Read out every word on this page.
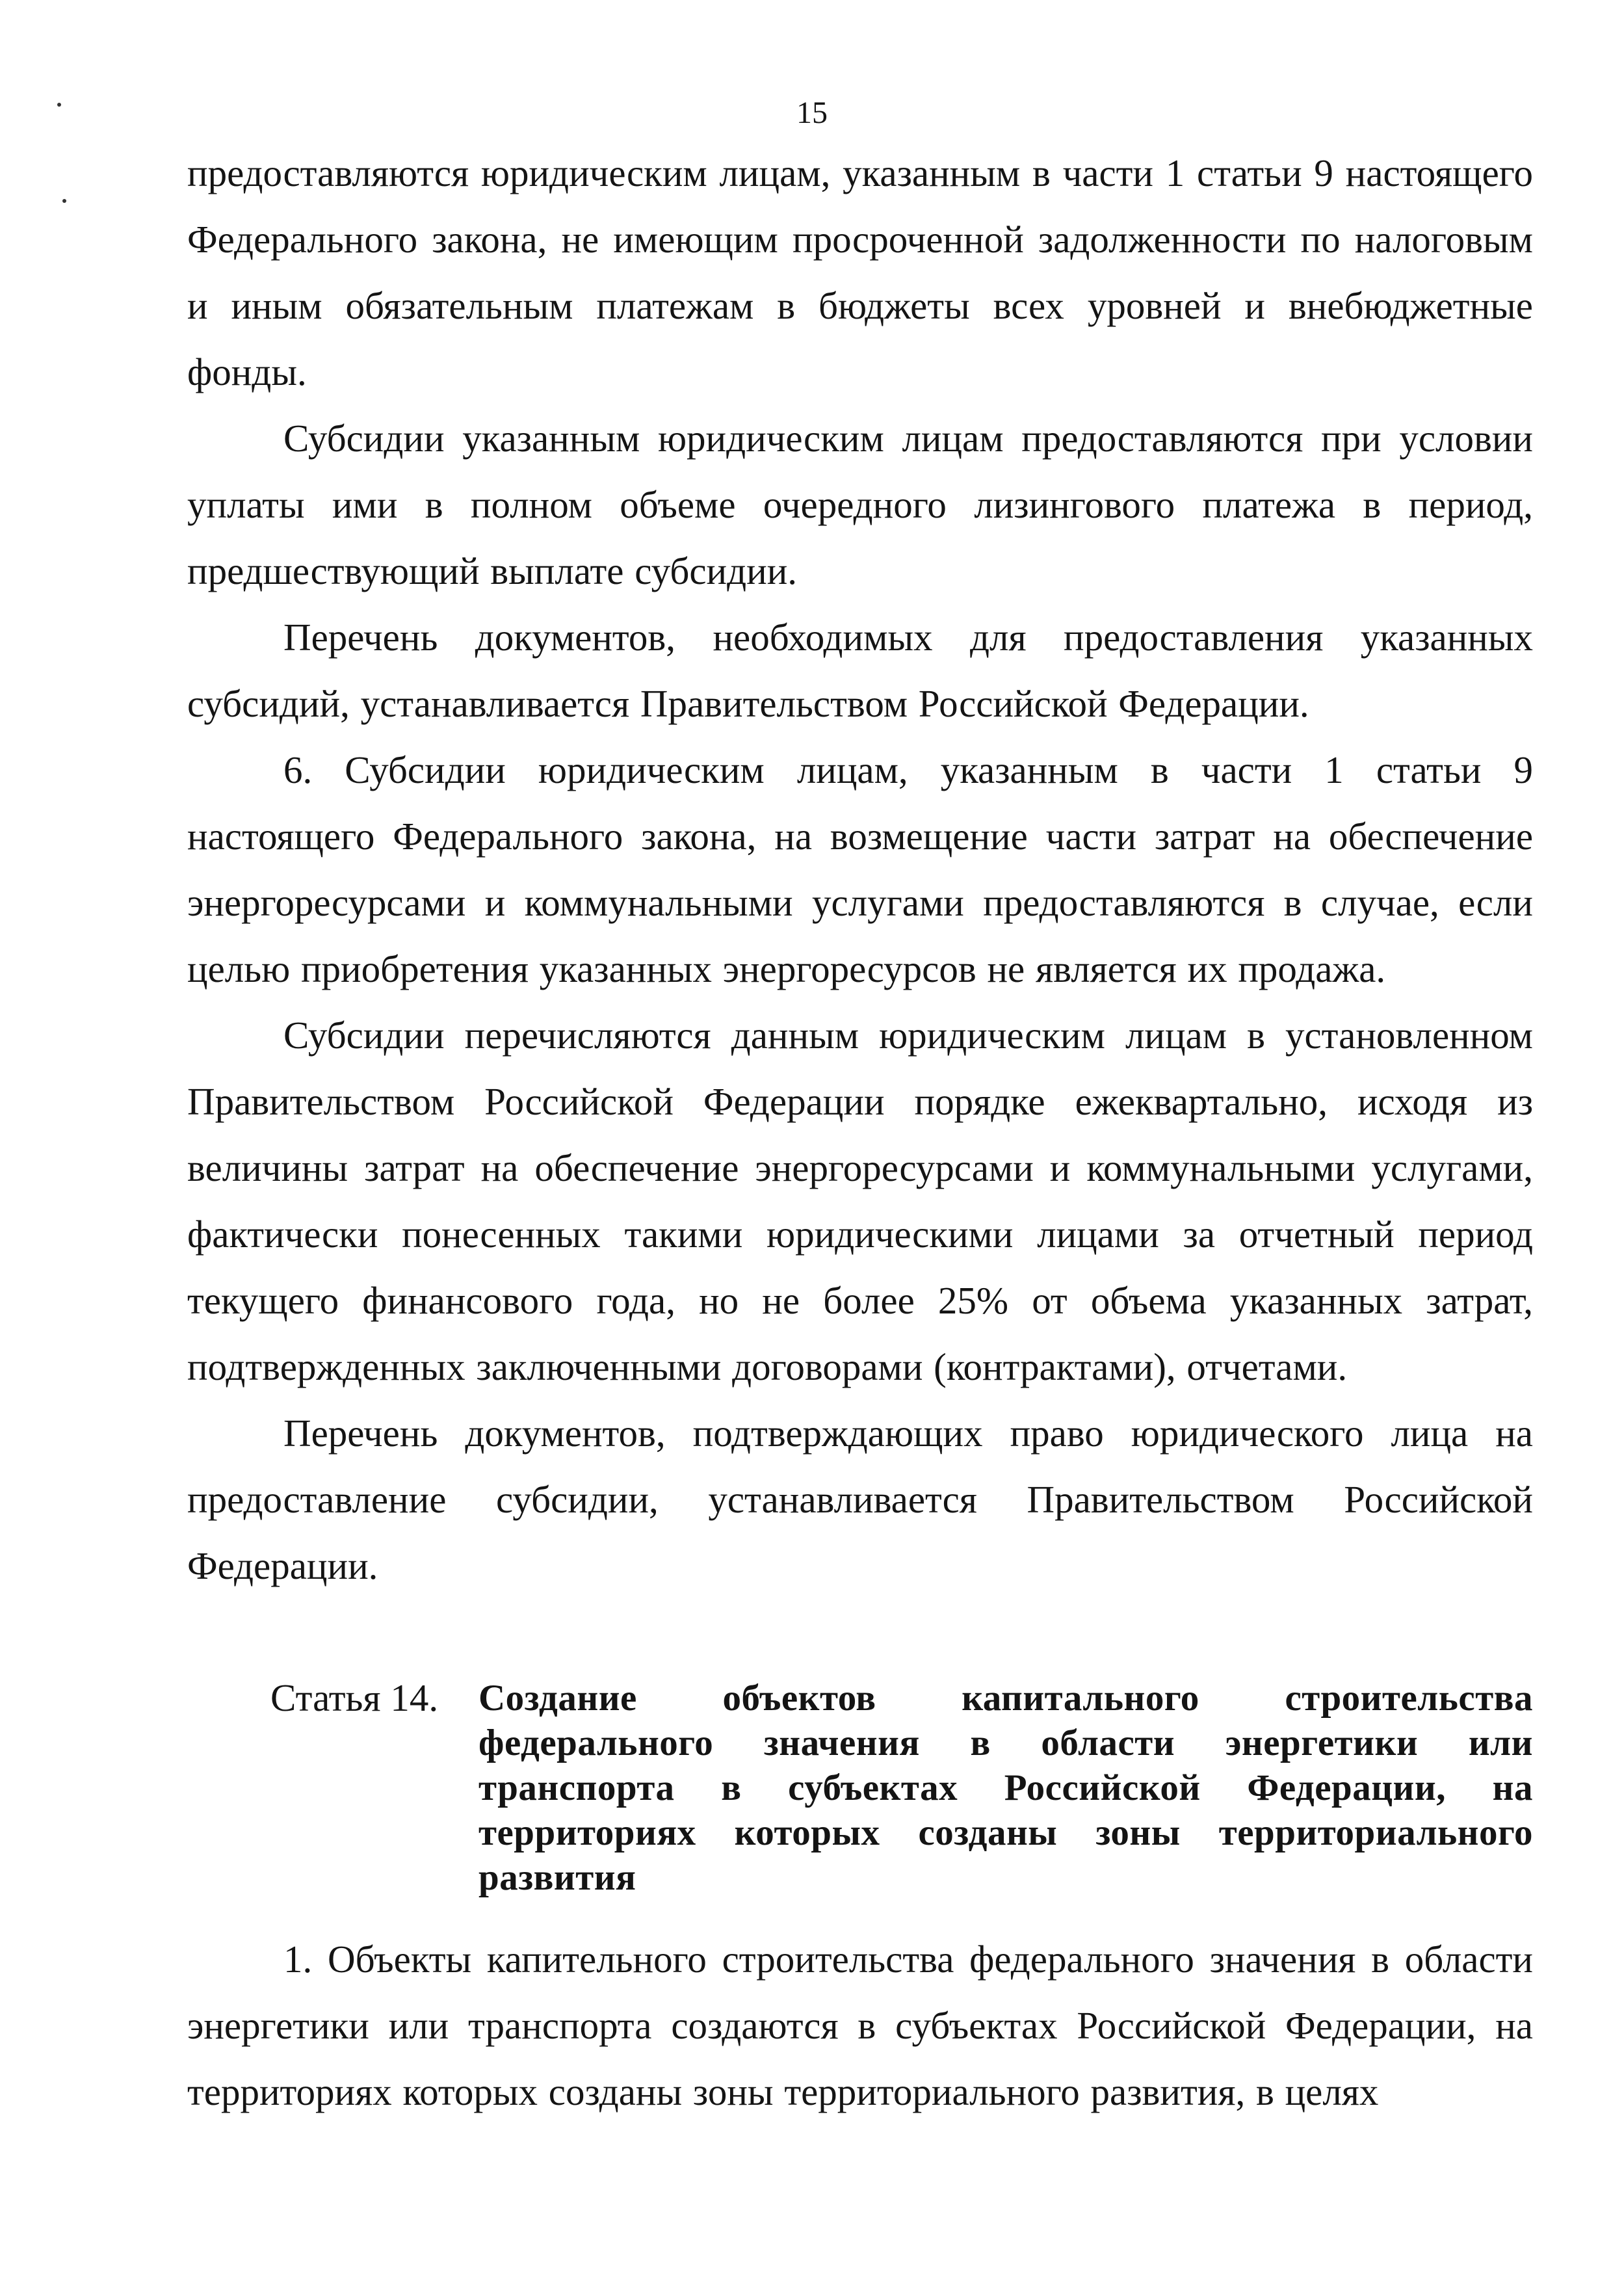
15

предоставляются юридическим лицам, указанным в части 1 статьи 9 настоящего Федерального закона, не имеющим просроченной задолженности по налоговым и иным обязательным платежам в бюджеты всех уровней и внебюджетные фонды.

Субсидии указанным юридическим лицам предоставляются при условии уплаты ими в полном объеме очередного лизингового платежа в период, предшествующий выплате субсидии.

Перечень документов, необходимых для предоставления указанных субсидий, устанавливается Правительством Российской Федерации.

6. Субсидии юридическим лицам, указанным в части 1 статьи 9 настоящего Федерального закона, на возмещение части затрат на обеспечение энергоресурсами и коммунальными услугами предоставляются в случае, если целью приобретения указанных энергоресурсов не является их продажа.

Субсидии перечисляются данным юридическим лицам в установленном Правительством Российской Федерации порядке ежеквартально, исходя из величины затрат на обеспечение энергоресурсами и коммунальными услугами, фактически понесенных такими юридическими лицами за отчетный период текущего финансового года, но не более 25% от объема указанных затрат, подтвержденных заключенными договорами (контрактами), отчетами.

Перечень документов, подтверждающих право юридического лица на предоставление субсидии, устанавливается Правительством Российской Федерации.

Статья 14.	Создание объектов капитального строительства федерального значения в области энергетики или транспорта в субъектах Российской Федерации, на территориях которых созданы зоны территориального развития

1. Объекты капительного строительства федерального значения в области энергетики или транспорта создаются в субъектах Российской Федерации, на территориях которых созданы зоны территориального развития, в целях
